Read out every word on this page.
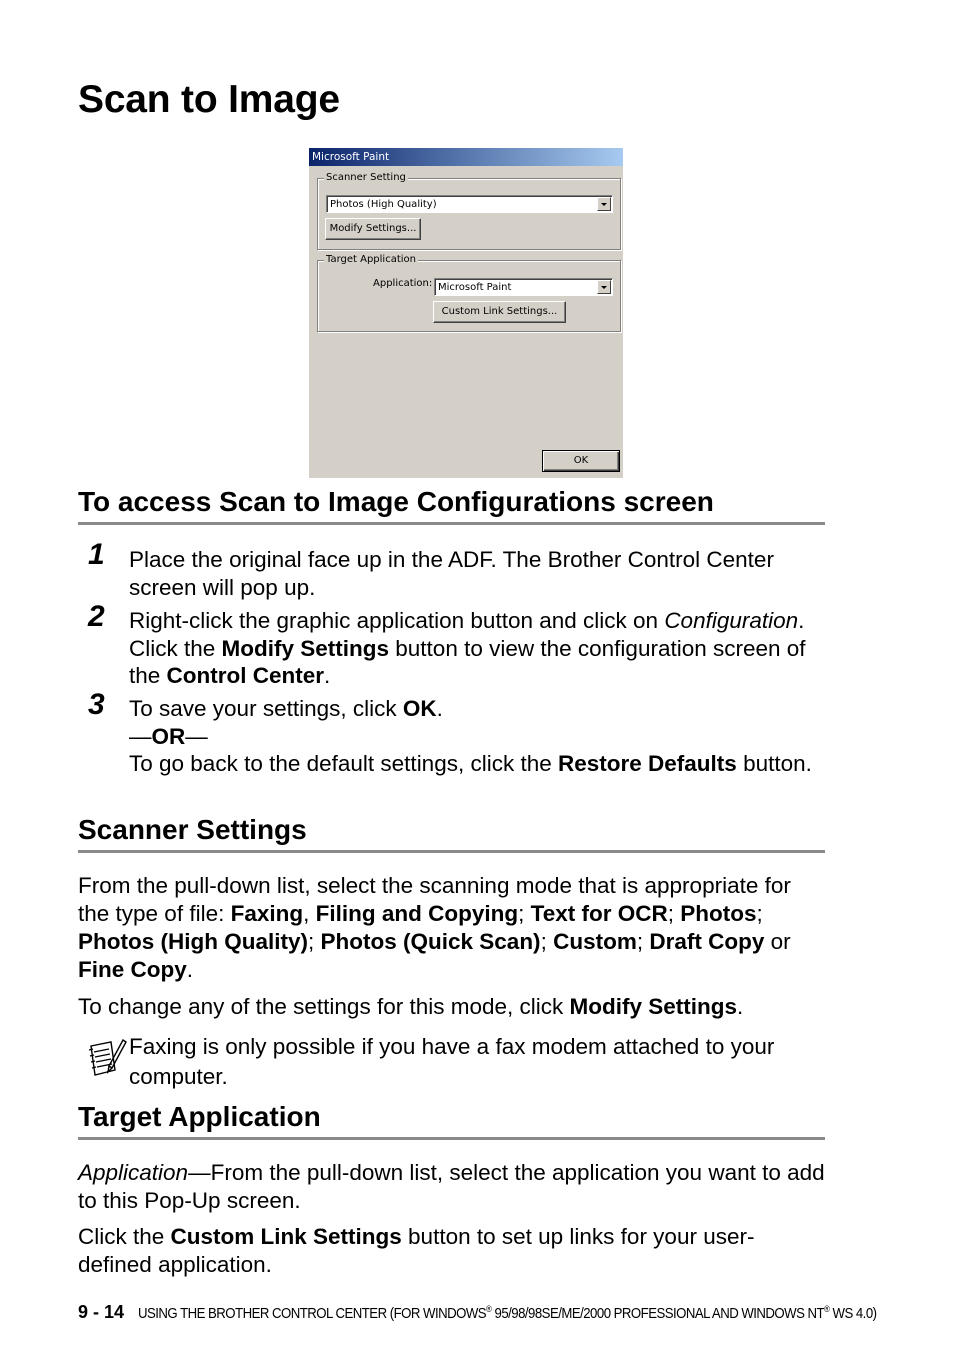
Scan to Image
Microsoft Paint
Scanner Setting
Photos (High Quality)
Modify Settings...
Target Application
Application: Microsoft Paint
Custom Link Settings...
OK
To access Scan to Image Configurations screen
1 Place the original face up in the ADF. The Brother Control Center screen will pop up.

2 Right-click the graphic application button and click on Configuration. Click the Modify Settings button to view the configuration screen of the Control Center.

3 To save your settings, click OK.
—OR—
To go back to the default settings, click the Restore Defaults button.

Scanner Settings

From the pull-down list, select the scanning mode that is appropriate for the type of file: Faxing, Filing and Copying; Text for OCR; Photos; Photos (High Quality); Photos (Quick Scan); Custom; Draft Copy or Fine Copy.

To change any of the settings for this mode, click Modify Settings.

Faxing is only possible if you have a fax modem attached to your computer.

Target Application

Application—From the pull-down list, select the application you want to add to this Pop-Up screen.

Click the Custom Link Settings button to set up links for your user-defined application.

9 - 14 USING THE BROTHER CONTROL CENTER (FOR WINDOWS® 95/98/98SE/ME/2000 PROFESSIONAL AND WINDOWS NT® WS 4.0)
